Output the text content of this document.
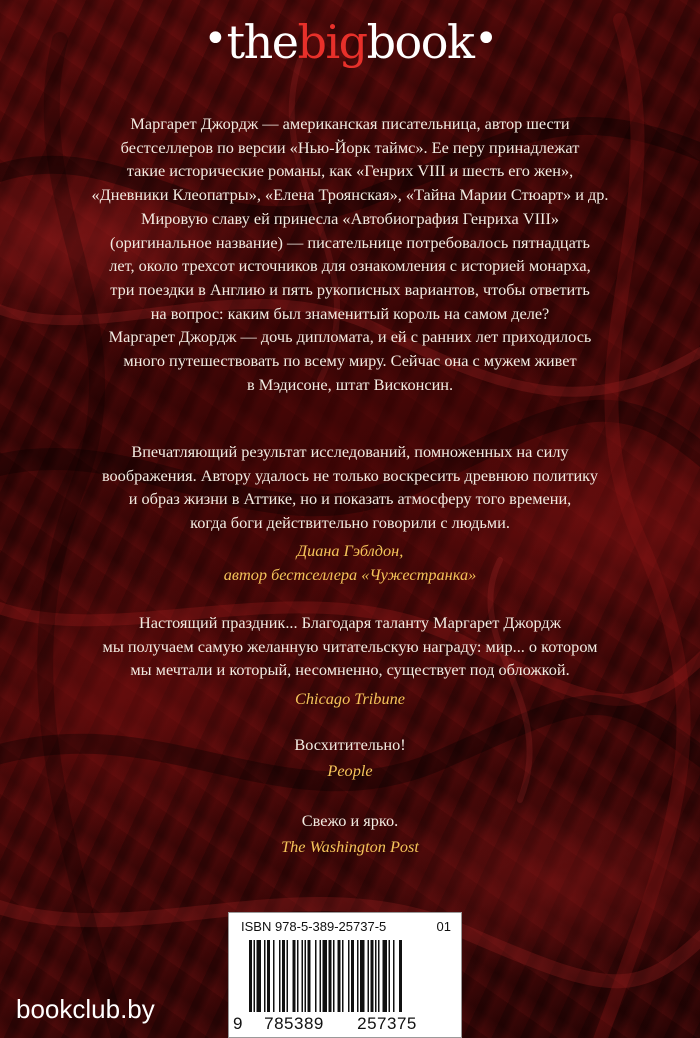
•thebigbook•

Маргарет Джордж — американская писательница, автор шести

бестселлеров по версии «Нью-Йорк таймс». Ее перу принадлежат

такие исторические романы, как «Генрих VIII и шесть его жен»,

«Дневники Клеопатры», «Елена Троянская», «Тайна Марии Стюарт» и др.

Мировую славу ей принесла «Автобиография Генриха VIII»

(оригинальное название) — писательнице потребовалось пятнадцать

лет, около трехсот источников для ознакомления с историей монарха,

три поездки в Англию и пять рукописных вариантов, чтобы ответить

на вопрос: каким был знаменитый король на самом деле?

Маргарет Джордж — дочь дипломата, и ей с ранних лет приходилось

много путешествовать по всему миру. Сейчас она с мужем живет

в Мэдисоне, штат Висконсин.

Впечатляющий результат исследований, помноженных на силу

воображения. Автору удалось не только воскресить древнюю политику

и образ жизни в Аттике, но и показать атмосферу того времени,

когда боги действительно говорили с людьми.

Диана Гэблдон,

автор бестселлера «Чужестранка»

Настоящий праздник... Благодаря таланту Маргарет Джордж

мы получаем самую желанную читательскую награду: мир... о котором

мы мечтали и который, несомненно, существует под обложкой.

Chicago Tribune

Восхитительно!

People

Свежо и ярко.

The Washington Post

ISBN 978-5-389-25737-5	01
9	785389	257375
bookclub.by
